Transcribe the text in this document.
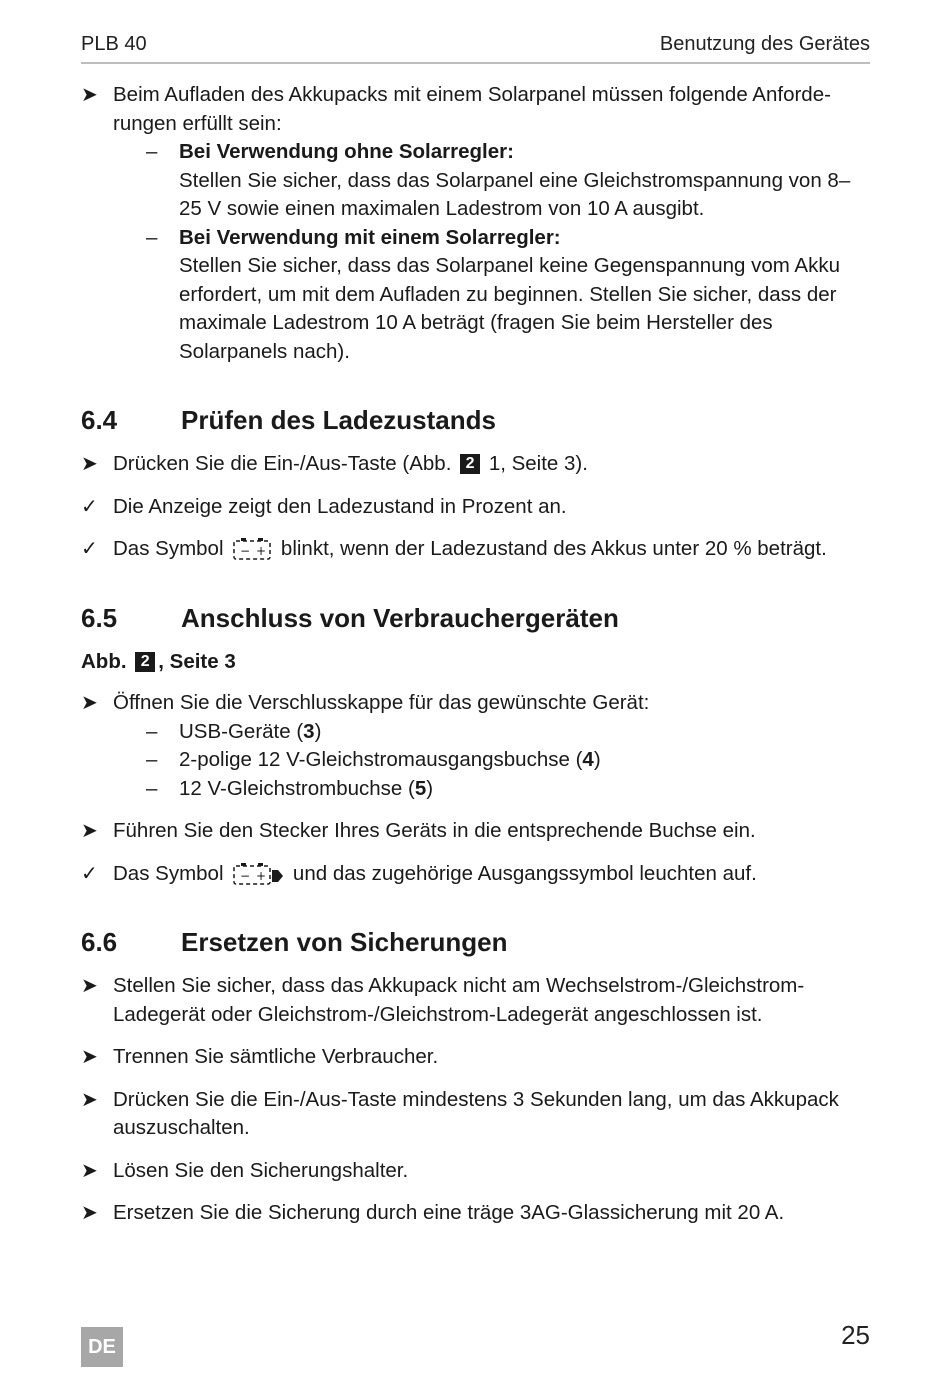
PLB 40	Benutzung des Gerätes
➤ Beim Aufladen des Akkupacks mit einem Solarpanel müssen folgende Anforde-rungen erfüllt sein:
– Bei Verwendung ohne Solarregler:
Stellen Sie sicher, dass das Solarpanel eine Gleichstromspannung von 8–25 V sowie einen maximalen Ladestrom von 10 A ausgibt.
– Bei Verwendung mit einem Solarregler:
Stellen Sie sicher, dass das Solarpanel keine Gegenspannung vom Akku erfordert, um mit dem Aufladen zu beginnen. Stellen Sie sicher, dass der maximale Ladestrom 10 A beträgt (fragen Sie beim Hersteller des Solarpanels nach).
6.4 Prüfen des Ladezustands
➤ Drücken Sie die Ein-/Aus-Taste (Abb. 2 1, Seite 3).
✓ Die Anzeige zeigt den Ladezustand in Prozent an.
✓ Das Symbol − + blinkt, wenn der Ladezustand des Akkus unter 20 % beträgt.
6.5 Anschluss von Verbrauchergeräten
Abb. 2 , Seite 3
➤ Öffnen Sie die Verschlusskappe für das gewünschte Gerät:
– USB-Geräte (3)
– 2-polige 12 V-Gleichstromausgangsbuchse (4)
– 12 V-Gleichstrombuchse (5)
➤ Führen Sie den Stecker Ihres Geräts in die entsprechende Buchse ein.
✓ Das Symbol − + und das zugehörige Ausgangssymbol leuchten auf.
6.6 Ersetzen von Sicherungen
➤ Stellen Sie sicher, dass das Akkupack nicht am Wechselstrom-/Gleichstrom-Ladegerät oder Gleichstrom-/Gleichstrom-Ladegerät angeschlossen ist.
➤ Trennen Sie sämtliche Verbraucher.
➤ Drücken Sie die Ein-/Aus-Taste mindestens 3 Sekunden lang, um das Akkupack auszuschalten.
➤ Lösen Sie den Sicherungshalter.
➤ Ersetzen Sie die Sicherung durch eine träge 3AG-Glassicherung mit 20 A.
DE	25
